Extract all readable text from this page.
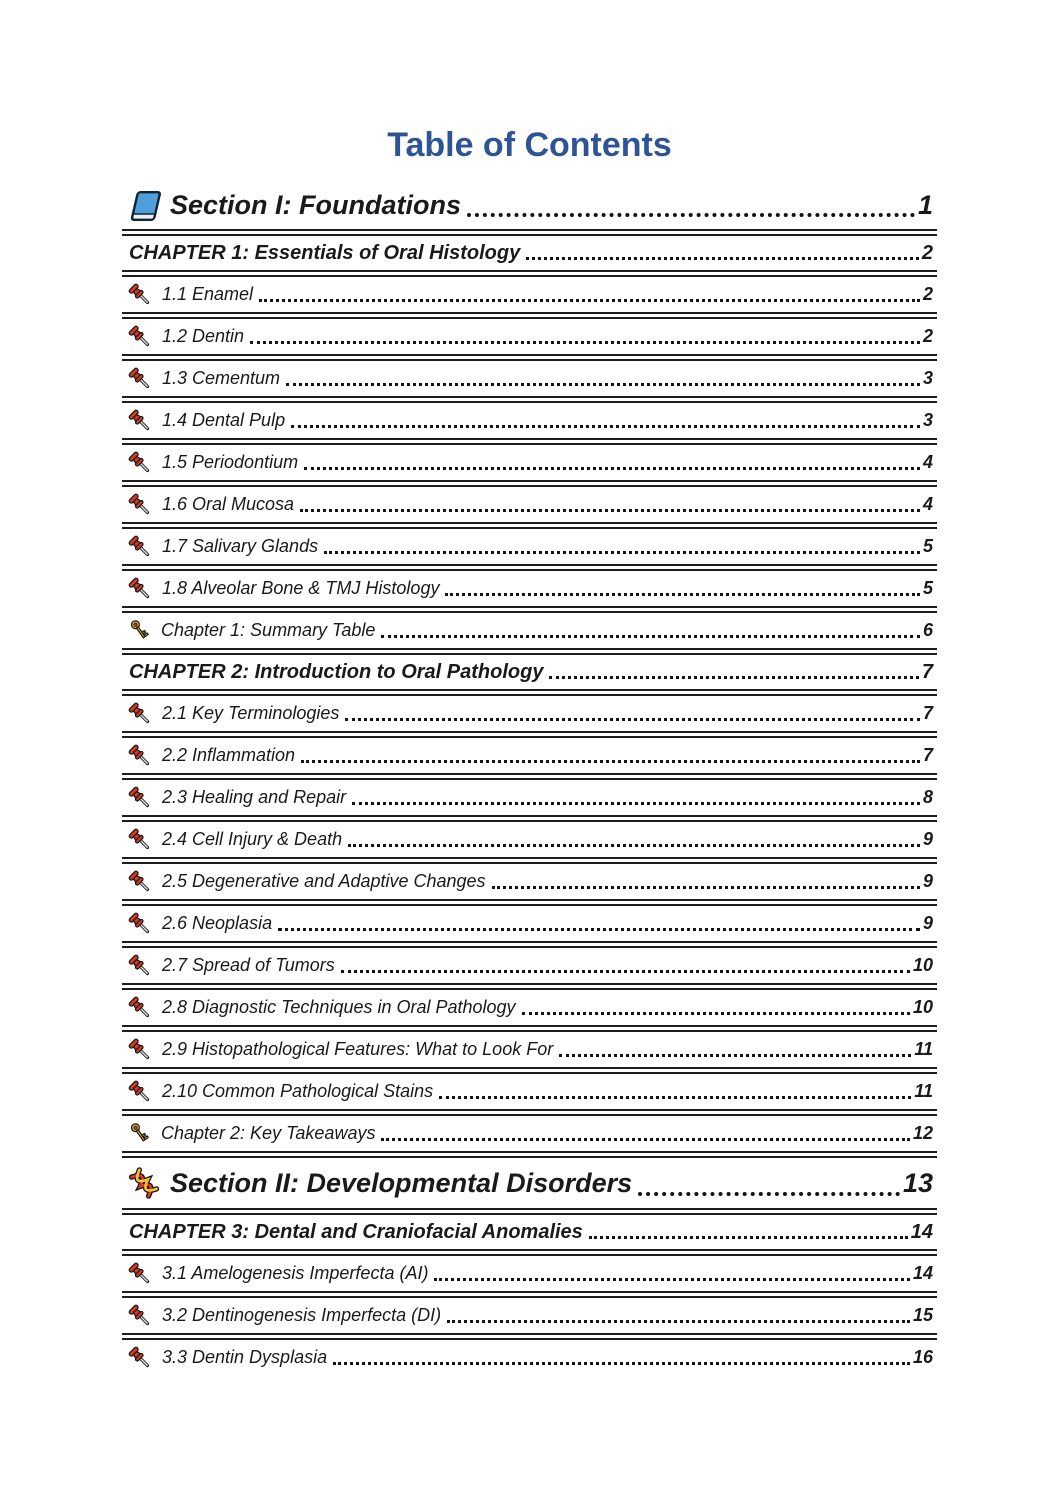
Table of Contents
Section I: Foundations	1
CHAPTER 1: Essentials of Oral Histology	2
1.1 Enamel	2
1.2 Dentin	2
1.3 Cementum	3
1.4 Dental Pulp	3
1.5 Periodontium	4
1.6 Oral Mucosa	4
1.7 Salivary Glands	5
1.8 Alveolar Bone & TMJ Histology	5
Chapter 1: Summary Table	6
CHAPTER 2: Introduction to Oral Pathology	7
2.1 Key Terminologies	7
2.2 Inflammation	7
2.3 Healing and Repair	8
2.4 Cell Injury & Death	9
2.5 Degenerative and Adaptive Changes	9
2.6 Neoplasia	9
2.7 Spread of Tumors	10
2.8 Diagnostic Techniques in Oral Pathology	10
2.9 Histopathological Features: What to Look For	11
2.10 Common Pathological Stains	11
Chapter 2: Key Takeaways	12
Section II: Developmental Disorders	13
CHAPTER 3: Dental and Craniofacial Anomalies	14
3.1 Amelogenesis Imperfecta (AI)	14
3.2 Dentinogenesis Imperfecta (DI)	15
3.3 Dentin Dysplasia	16
